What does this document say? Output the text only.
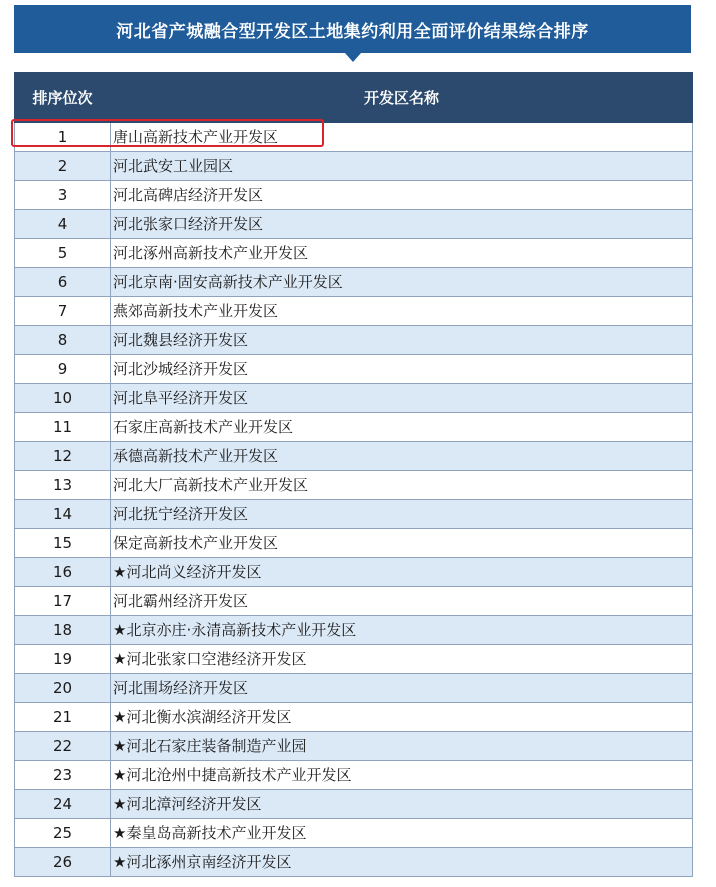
河北省产城融合型开发区土地集约利用全面评价结果综合排序
排序位次	开发区名称
1	唐山高新技术产业开发区
2	河北武安工业园区
3	河北高碑店经济开发区
4	河北张家口经济开发区
5	河北涿州高新技术产业开发区
6	河北京南·固安高新技术产业开发区
7	燕郊高新技术产业开发区
8	河北魏县经济开发区
9	河北沙城经济开发区
10	河北阜平经济开发区
11	石家庄高新技术产业开发区
12	承德高新技术产业开发区
13	河北大厂高新技术产业开发区
14	河北抚宁经济开发区
15	保定高新技术产业开发区
16	★河北尚义经济开发区
17	河北霸州经济开发区
18	★北京亦庄·永清高新技术产业开发区
19	★河北张家口空港经济开发区
20	河北围场经济开发区
21	★河北衡水滨湖经济开发区
22	★河北石家庄装备制造产业园
23	★河北沧州中捷高新技术产业开发区
24	★河北漳河经济开发区
25	★秦皇岛高新技术产业开发区
26	★河北涿州京南经济开发区
